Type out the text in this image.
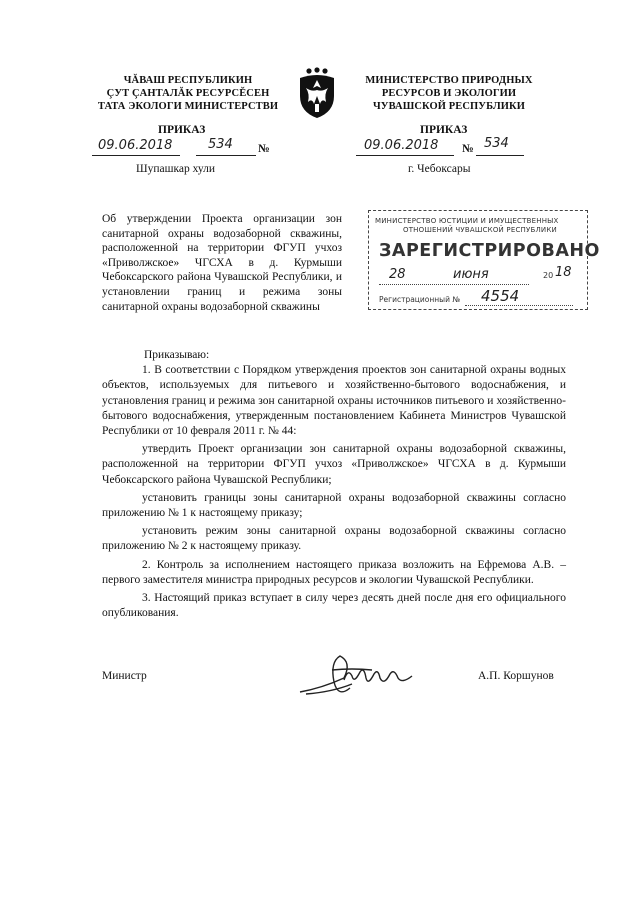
ЧĂВАШ РЕСПУБЛИКИН
ÇУТ ÇАНТАЛĂК РЕСУРСĔСЕН
ТАТА ЭКОЛОГИ МИНИСТЕРСТВИ
МИНИСТЕРСТВО ПРИРОДНЫХ
РЕСУРСОВ И ЭКОЛОГИИ
ЧУВАШСКОЙ РЕСПУБЛИКИ
ПРИКАЗ	ПРИКАЗ
09.06.2018	534 №	09.06.2018 № 534
Шупашкар хули	г. Чебоксары
Об утверждении Проекта организации зон санитарной охраны водозаборной скважины, расположенной на территории ФГУП учхоз «Приволжское» ЧГСХА в д. Курмыши Чебоксарского района Чувашской Республики, и установлении границ и режима зоны санитарной охраны водозаборной скважины
МИНИСТЕРСТВО ЮСТИЦИИ И ИМУЩЕСТВЕННЫХ
ОТНОШЕНИЙ ЧУВАШСКОЙ РЕСПУБЛИКИ
ЗАРЕГИСТРИРОВАНО
28	июня	20 18
Регистрационный № 4554

Приказываю:

1. В соответствии с Порядком утверждения проектов зон санитарной охраны водных объектов, используемых для питьевого и хозяйственно-бытового водоснабжения, и установления границ и режима зон санитарной охраны источников питьевого и хозяйственно-бытового водоснабжения, утвержденным постановлением Кабинета Министров Чувашской Республики от 10 февраля 2011 г. № 44:

утвердить Проект организации зон санитарной охраны водозаборной скважины, расположенной на территории ФГУП учхоз «Приволжское» ЧГСХА в д. Курмыши Чебоксарского района Чувашской Республики;

установить границы зоны санитарной охраны водозаборной скважины согласно приложению № 1 к настоящему приказу;

установить режим зоны санитарной охраны водозаборной скважины согласно приложению № 2 к настоящему приказу.

2. Контроль за исполнением настоящего приказа возложить на Ефремова А.В. – первого заместителя министра природных ресурсов и экологии Чувашской Республики.

3. Настоящий приказ вступает в силу через десять дней после дня его официального опубликования.

Министр	А.П. Коршунов
